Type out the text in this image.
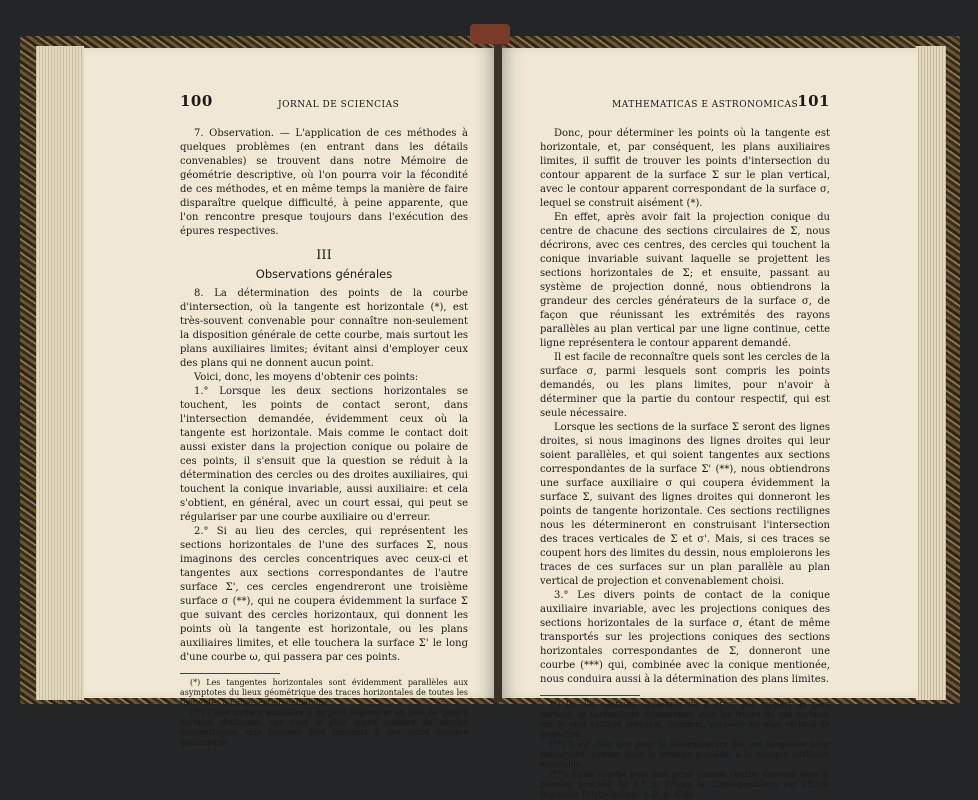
100	JORNAL DE SCIENCIAS

7. Observation. — L'application de ces méthodes à quelques problèmes (en entrant dans les détails convenables) se trouvent dans notre Mémoire de géométrie descriptive, où l'on pourra voir la fécondité de ces méthodes, et en même temps la manière de faire disparaître quelque difficulté, à peine apparente, que l'on rencontre presque toujours dans l'exécution des épures respectives.

III
Observations générales

8. La détermination des points de la courbe d'intersection, où la tangente est horizontale (*), est très-souvent convenable pour connaître non-seulement la disposition générale de cette courbe, mais surtout les plans auxiliaires limites; évitant ainsi d'employer ceux des plans qui ne donnent aucun point.

Voici, donc, les moyens d'obtenir ces points:

1.° Lorsque les deux sections horizontales se touchent, les points de contact seront, dans l'intersection demandée, évidemment ceux où la tangente est horizontale. Mais comme le contact doit aussi exister dans la projection conique ou polaire de ces points, il s'ensuit que la question se réduit à la détermination des cercles ou des droites auxiliaires, qui touchent la conique invariable, aussi auxiliaire: et cela s'obtient, en général, avec un court essai, qui peut se régulariser par une courbe auxiliaire ou d'erreur.

2.° Si au lieu des cercles, qui représentent les sections horizontales de l'une des surfaces Σ, nous imaginons des cercles concentriques avec ceux-ci et tangentes aux sections correspondantes de l'autre surface Σ', ces cercles engendreront une troisième surface σ (**), qui ne coupera évidemment la surface Σ que suivant des cercles horizontaux, qui donnent les points où la tangente est horizontale, ou les plans auxiliaires limites, et elle touchera la surface Σ' le long d'une courbe ω, qui passera par ces points.

(*) Les tangentes horizontales sont évidemment parallèles aux asymptotes du lieux géométrique des traces horizontales de toutes les tangentes à l'intersection demandée.

(**) Cette surface auxiliaire σ ne peut dégénérer en plus de quatre surfaces distinctes: car c'est le plus grand nombre de cercles concentriques, que puissent être tangents à une autre conique quelconque.

MATHEMATICAS E ASTRONOMICAS 101

Donc, pour déterminer les points où la tangente est horizontale, et, par conséquent, les plans auxiliaires limites, il suffit de trouver les points d'intersection du contour apparent de la surface Σ sur le plan vertical, avec le contour apparent correspondant de la surface σ, lequel se construit aisément (*).

En effet, après avoir fait la projection conique du centre de chacune des sections circulaires de Σ, nous décrirons, avec ces centres, des cercles qui touchent la conique invariable suivant laquelle se projettent les sections horizontales de Σ; et ensuite, passant au système de projection donné, nous obtiendrons la grandeur des cercles générateurs de la surface σ, de façon que réunissant les extrémités des rayons parallèles au plan vertical par une ligne continue, cette ligne représentera le contour apparent demandé.

Il est facile de reconnaître quels sont les cercles de la surface σ, parmi lesquels sont compris les points demandés, ou les plans limites, pour n'avoir à déterminer que la partie du contour respectif, qui est seule nécessaire.

Lorsque les sections de la surface Σ seront des lignes droites, si nous imaginons des lignes droites qui leur soient parallèles, et qui soient tangentes aux sections correspondantes de la surface Σ' (**), nous obtiendrons une surface auxiliaire σ qui coupera évidemment la surface Σ, suivant des lignes droites qui donneront les points de tangente horizontale. Ces sections rectilignes nous les détermineront en construisant l'intersection des traces verticales de Σ et σ'. Mais, si ces traces se coupent hors des limites du dessin, nous emploierons les traces de ces surfaces sur un plan parallèle au plan vertical de projection et convenablement choisi.

3.° Les divers points de contact de la conique auxiliaire invariable, avec les projections coniques des sections horizontales de la surface σ, étant de même transportés sur les projections coniques des sections horizontales correspondantes de Σ, donneront une courbe (***) qui, combinée avec la conique mentionée, nous conduira aussi à la détermination des plans limites.

(*) Ici, les contours apparents de Σ et σ, par rapport au plan vertical, se confondront évidemment avec les traces de ces surfaces sur le plan vertical principal, commun, parallèle au plan vertical de projection.

(**) Il est clair que pour la détermination des ces tangentes nous recourrons, comme dans le premier procédé, à la conique auxiliaire invariable.

(***) Cette courbe peut être prise comme courbe d'erreur dans le premier procédé du n.° 5. (Voyez la Correspondance sur l'École Impériale Polytechnique, t. II, p. 438).
